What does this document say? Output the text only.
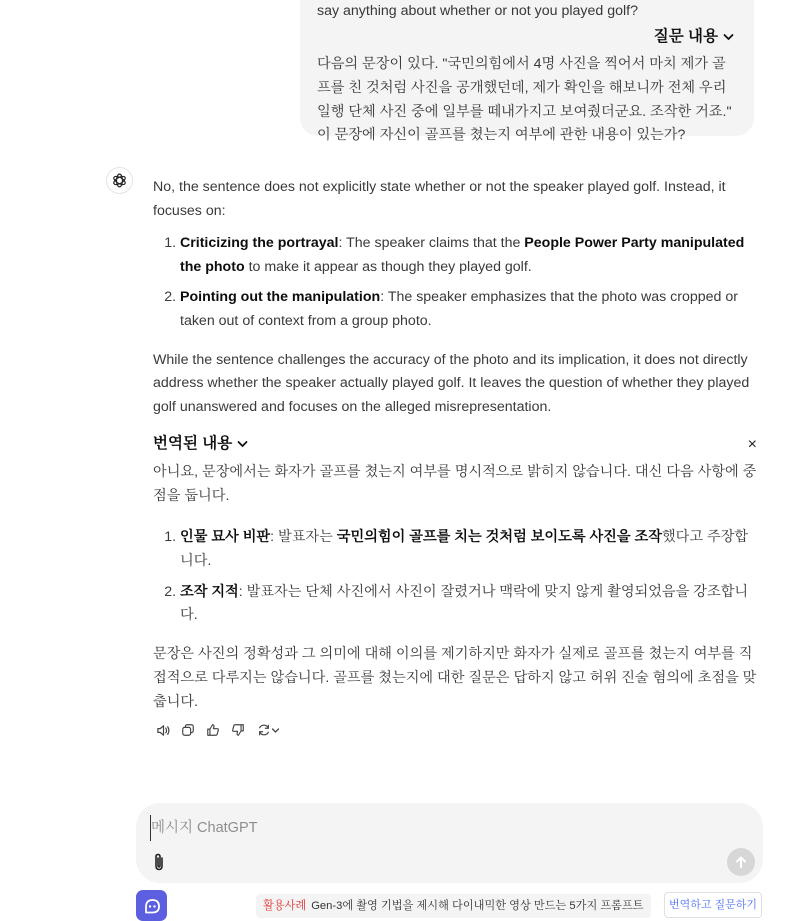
say anything about whether or not you played golf?
질문 내용
다음의 문장이 있다. "국민의힘에서 4명 사진을 찍어서 마치 제가 골프를 친 것처럼 사진을 공개했던데, 제가 확인을 해보니까 전체 우리 일행 단체 사진 중에 일부를 떼내가지고 보여줬더군요. 조작한 거죠." 이 문장에 자신이 골프를 쳤는지 여부에 관한 내용이 있는가?

No, the sentence does not explicitly state whether or not the speaker played golf. Instead, it focuses on:

1. Criticizing the portrayal: The speaker claims that the People Power Party manipulated the photo to make it appear as though they played golf.
2. Pointing out the manipulation: The speaker emphasizes that the photo was cropped or taken out of context from a group photo.

While the sentence challenges the accuracy of the photo and its implication, it does not directly address whether the speaker actually played golf. It leaves the question of whether they played golf unanswered and focuses on the alleged misrepresentation.

번역된 내용	×

아니요, 문장에서는 화자가 골프를 쳤는지 여부를 명시적으로 밝히지 않습니다. 대신 다음 사항에 중점을 둡니다.

1. 인물 묘사 비판: 발표자는 국민의힘이 골프를 치는 것처럼 보이도록 사진을 조작했다고 주장합니다.
2. 조작 지적: 발표자는 단체 사진에서 사진이 잘렸거나 맥락에 맞지 않게 촬영되었음을 강조합니다.

문장은 사진의 정확성과 그 의미에 대해 이의를 제기하지만 화자가 실제로 골프를 쳤는지 여부를 직접적으로 다루지는 않습니다. 골프를 쳤는지에 대한 질문은 답하지 않고 허위 진술 혐의에 초점을 맞춥니다.

메시지 ChatGPT
활용사례 Gen-3에 촬영 기법을 제시해 다이내믹한 영상 만드는 5가지 프롬프트	번역하고 질문하기
